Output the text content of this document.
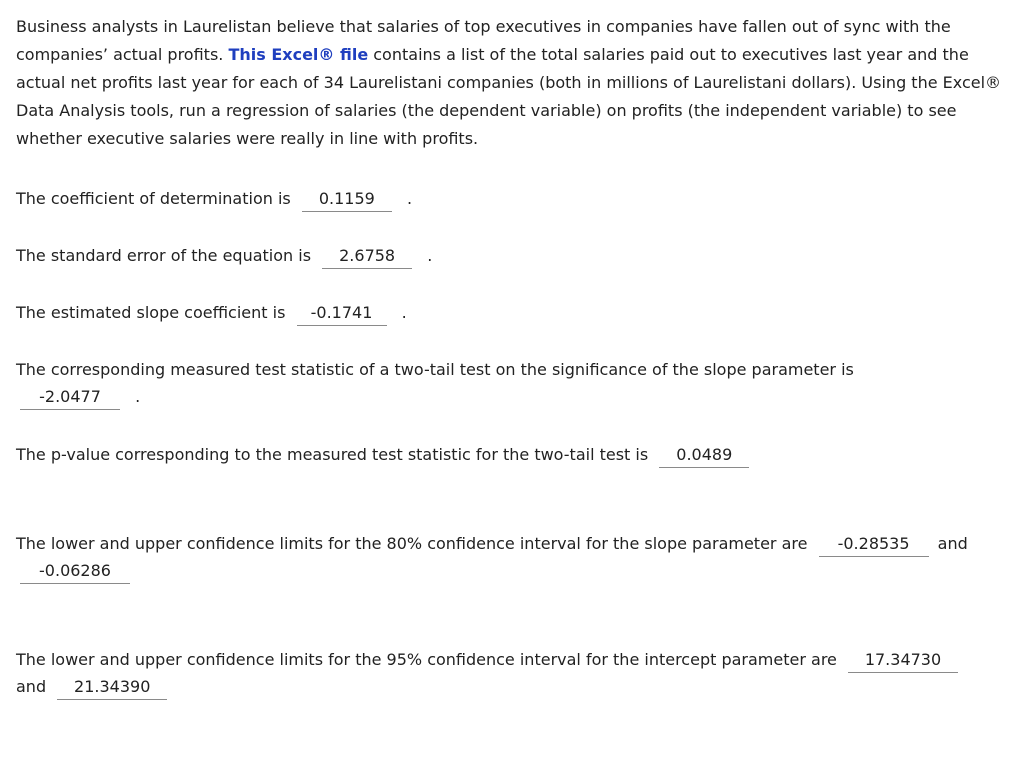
Business analysts in Laurelistan believe that salaries of top executives in companies have fallen out of sync with the companies’ actual profits. This Excel® file contains a list of the total salaries paid out to executives last year and the actual net profits last year for each of 34 Laurelistani companies (both in millions of Laurelistani dollars). Using the Excel® Data Analysis tools, run a regression of salaries (the dependent variable) on profits (the independent variable) to see whether executive salaries were really in line with profits.

The coefficient of determination is 0.1159 .
The standard error of the equation is 2.6758 .
The estimated slope coefficient is -0.1741 .
The corresponding measured test statistic of a two-tail test on the significance of the slope parameter is
-2.0477 .
The p-value corresponding to the measured test statistic for the two-tail test is 0.0489
The lower and upper confidence limits for the 80% confidence interval for the slope parameter are -0.28535 and
-0.06286
The lower and upper confidence limits for the 95% confidence interval for the intercept parameter are 17.34730
and 21.34390
